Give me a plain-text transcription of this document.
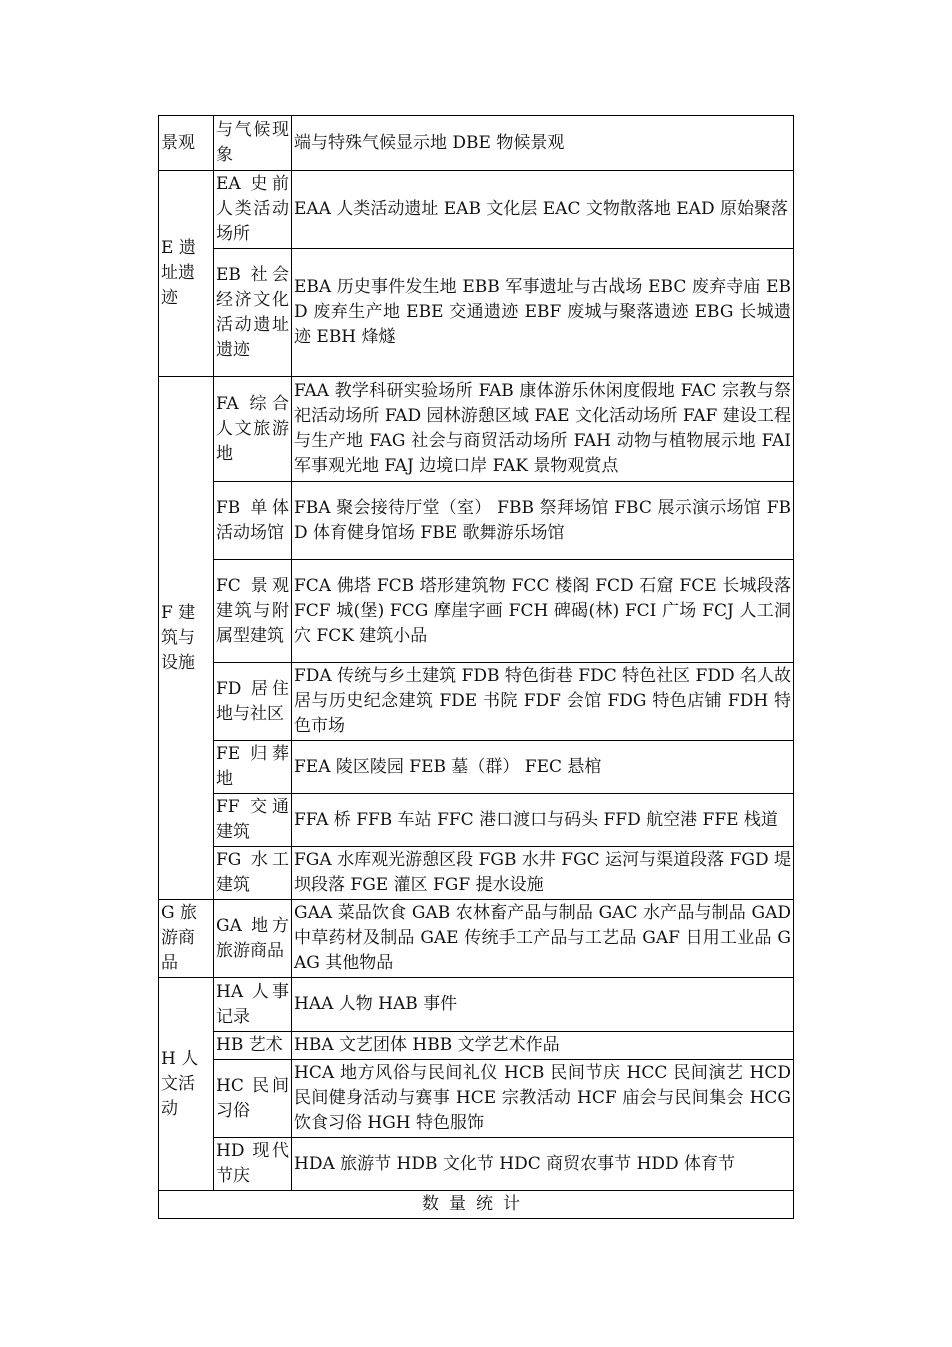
景观	与气候现象	端与特殊气候显示地 DBE 物候景观
E 遗址遗迹	EA 史前人类活动场所	EAA 人类活动遗址 EAB 文化层 EAC 文物散落地 EAD 原始聚落
	EB 社会经济文化活动遗址遗迹	EBA 历史事件发生地 EBB 军事遗址与古战场 EBC 废弃寺庙 EBD 废弃生产地 EBE 交通遗迹 EBF 废城与聚落遗迹 EBG 长城遗迹 EBH 烽燧
F 建筑与设施	FA 综合人文旅游地	FAA 教学科研实验场所 FAB 康体游乐休闲度假地 FAC 宗教与祭祀活动场所 FAD 园林游憩区域 FAE 文化活动场所 FAF 建设工程与生产地 FAG 社会与商贸活动场所 FAH 动物与植物展示地 FAI 军事观光地 FAJ 边境口岸 FAK 景物观赏点
	FB 单体活动场馆	FBA 聚会接待厅堂（室） FBB 祭拜场馆 FBC 展示演示场馆 FBD 体育健身馆场 FBE 歌舞游乐场馆
	FC 景观建筑与附属型建筑	FCA 佛塔 FCB 塔形建筑物 FCC 楼阁 FCD 石窟 FCE 长城段落 FCF 城(堡) FCG 摩崖字画 FCH 碑碣(林) FCI 广场 FCJ 人工洞穴 FCK 建筑小品
	FD 居住地与社区	FDA 传统与乡土建筑 FDB 特色街巷 FDC 特色社区 FDD 名人故居与历史纪念建筑 FDE 书院 FDF 会馆 FDG 特色店铺 FDH 特色市场
	FE 归葬地	FEA 陵区陵园 FEB 墓（群） FEC 悬棺
	FF 交通建筑	FFA 桥 FFB 车站 FFC 港口渡口与码头 FFD 航空港 FFE 栈道
	FG 水工建筑	FGA 水库观光游憩区段 FGB 水井 FGC 运河与渠道段落 FGD 堤坝段落 FGE 灌区 FGF 提水设施
G 旅游商品	GA 地方旅游商品	GAA 菜品饮食 GAB 农林畜产品与制品 GAC 水产品与制品 GAD 中草药材及制品 GAE 传统手工产品与工艺品 GAF 日用工业品 GAG 其他物品
H 人文活动	HA 人事记录	HAA 人物 HAB 事件
	HB 艺术	HBA 文艺团体 HBB 文学艺术作品
	HC 民间习俗	HCA 地方风俗与民间礼仪 HCB 民间节庆 HCC 民间演艺 HCD 民间健身活动与赛事 HCE 宗教活动 HCF 庙会与民间集会 HCG 饮食习俗 HGH 特色服饰
	HD 现代节庆	HDA 旅游节 HDB 文化节 HDC 商贸农事节 HDD 体育节
数量统计		
